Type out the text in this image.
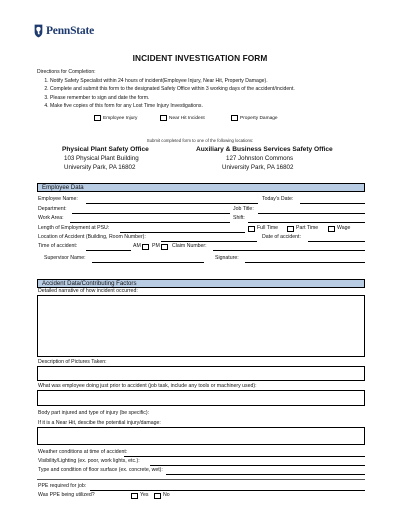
PennState
INCIDENT INVESTIGATION FORM
Directions for Completion:
1. Notify Safety Specialist within 24 hours of incident(Employee Injury, Near Hit, Property Damage).
2. Complete and submit this form to the designated Safety Office within 3 working days of the accident/incident.
3. Please remember to sign and date the form.
4. Make five copies of this form for any Lost Time Injury Investigations.
Employee Injury	Near Hit Incident	Property Damage
Submit completed form to one of the following locations:
Physical Plant Safety Office
103 Physical Plant Building
University Park, PA 16802
Auxiliary & Business Services Safety Office
127 Johnston Commons
University Park, PA 16802
Employee Data
Employee Name:	Today's Date:
Department:	Job Title:
Work Area:	Shift:
Length of Employment at PSU:	Full Time	Part Time	Wage
Location of Accident (Building, Room Number):	Date of accident:
Time of accident:	AM PM Claim Number:
Supervisor Name:	Signature:
Accident Data/Contributing Factors
Detailed narrative of how incident occurred:
Description of Pictures Taken:
What was employee doing just prior to accident (job task, include any tools or machinery used):
Body part injured and type of injury (be specific):
If it is a Near Hit, descibe the potential injury/damage:
Weather conditions at time of accident:
Visibility/Lighting (ex. poor, work lights, etc.):
Type and condition of floor surface (ex. concrete, wet):
PPE required for job:
Was PPE being utilized?	Yes	No
